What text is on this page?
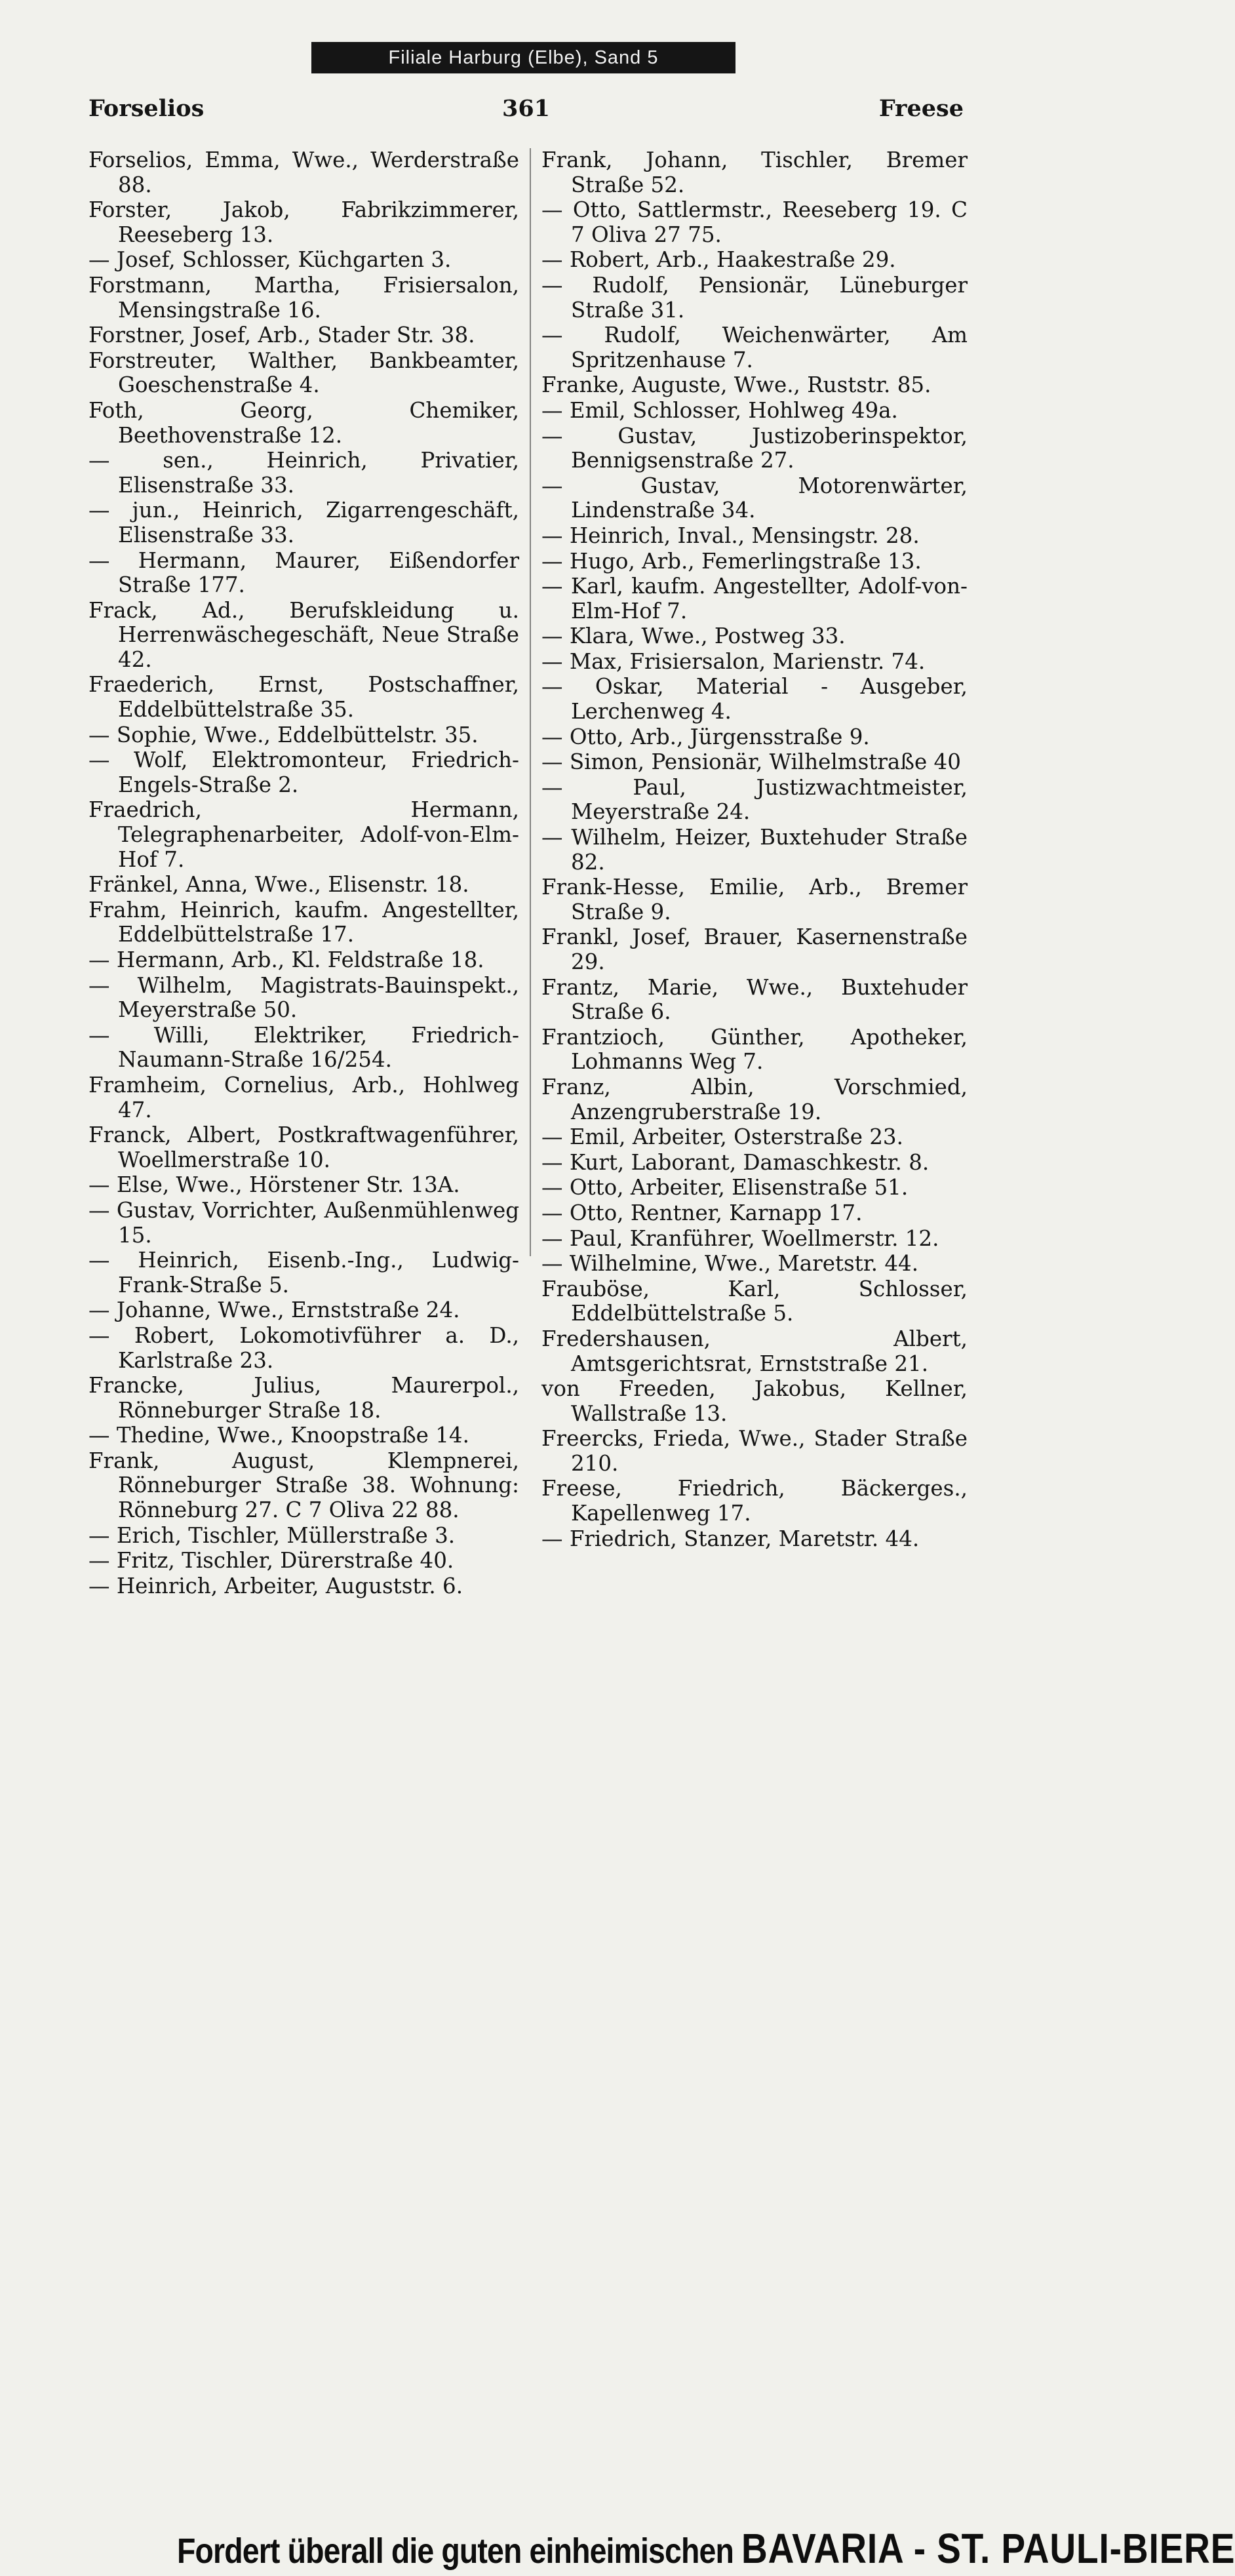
Filiale Harburg (Elbe), Sand 5
Forselios	361	Freese
Forselios, Emma, Wwe., Werderstraße 88.
Forster, Jakob, Fabrikzimmerer, Reeseberg 13.
— Josef, Schlosser, Küchgarten 3.
Forstmann, Martha, Frisiersalon, Mensingstraße 16.
Forstner, Josef, Arb., Stader Str. 38.
Forstreuter, Walther, Bankbeamter, Goeschenstraße 4.
Foth, Georg, Chemiker, Beethovenstraße 12.
— sen., Heinrich, Privatier, Elisenstraße 33.
— jun., Heinrich, Zigarrengeschäft, Elisenstraße 33.
— Hermann, Maurer, Eißendorfer Straße 177.
Frack, Ad., Berufskleidung u. Herrenwäschegeschäft, Neue Straße 42.
Fraederich, Ernst, Postschaffner, Eddelbüttelstraße 35.
— Sophie, Wwe., Eddelbüttelstr. 35.
— Wolf, Elektromonteur, Friedrich-Engels-Straße 2.
Fraedrich, Hermann, Telegraphenarbeiter, Adolf-von-Elm-Hof 7.
Fränkel, Anna, Wwe., Elisenstr. 18.
Frahm, Heinrich, kaufm. Angestellter, Eddelbüttelstraße 17.
— Hermann, Arb., Kl. Feldstraße 18.
— Wilhelm, Magistrats-Bauinspekt., Meyerstraße 50.
— Willi, Elektriker, Friedrich-Naumann-Straße 16/254.
Framheim, Cornelius, Arb., Hohlweg 47.
Franck, Albert, Postkraftwagenführer, Woellmerstraße 10.
— Else, Wwe., Hörstener Str. 13A.
— Gustav, Vorrichter, Außenmühlenweg 15.
— Heinrich, Eisenb.-Ing., Ludwig-Frank-Straße 5.
— Johanne, Wwe., Ernststraße 24.
— Robert, Lokomotivführer a. D., Karlstraße 23.
Francke, Julius, Maurerpol., Rönneburger Straße 18.
— Thedine, Wwe., Knoopstraße 14.
Frank, August, Klempnerei, Rönneburger Straße 38. Wohnung: Rönneburg 27. C 7 Oliva 22 88.
— Erich, Tischler, Müllerstraße 3.
— Fritz, Tischler, Dürerstraße 40.
— Heinrich, Arbeiter, Auguststr. 6.
Frank, Johann, Tischler, Bremer Straße 52.
— Otto, Sattlermstr., Reeseberg 19. C 7 Oliva 27 75.
— Robert, Arb., Haakestraße 29.
— Rudolf, Pensionär, Lüneburger Straße 31.
— Rudolf, Weichenwärter, Am Spritzenhause 7.
Franke, Auguste, Wwe., Ruststr. 85.
— Emil, Schlosser, Hohlweg 49a.
— Gustav, Justizoberinspektor, Bennigsenstraße 27.
— Gustav, Motorenwärter, Lindenstraße 34.
— Heinrich, Inval., Mensingstr. 28.
— Hugo, Arb., Femerlingstraße 13.
— Karl, kaufm. Angestellter, Adolf-von-Elm-Hof 7.
— Klara, Wwe., Postweg 33.
— Max, Frisiersalon, Marienstr. 74.
— Oskar, Material - Ausgeber, Lerchenweg 4.
— Otto, Arb., Jürgensstraße 9.
— Simon, Pensionär, Wilhelmstraße 40
— Paul, Justizwachtmeister, Meyerstraße 24.
— Wilhelm, Heizer, Buxtehuder Straße 82.
Frank-Hesse, Emilie, Arb., Bremer Straße 9.
Frankl, Josef, Brauer, Kasernenstraße 29.
Frantz, Marie, Wwe., Buxtehuder Straße 6.
Frantzioch, Günther, Apotheker, Lohmanns Weg 7.
Franz, Albin, Vorschmied, Anzengruberstraße 19.
— Emil, Arbeiter, Osterstraße 23.
— Kurt, Laborant, Damaschkestr. 8.
— Otto, Arbeiter, Elisenstraße 51.
— Otto, Rentner, Karnapp 17.
— Paul, Kranführer, Woellmerstr. 12.
— Wilhelmine, Wwe., Maretstr. 44.
Frauböse, Karl, Schlosser, Eddelbüttelstraße 5.
Fredershausen, Albert, Amtsgerichtsrat, Ernststraße 21.
von Freeden, Jakobus, Kellner, Wallstraße 13.
Freercks, Frieda, Wwe., Stader Straße 210.
Freese, Friedrich, Bäckerges., Kapellenweg 17.
— Friedrich, Stanzer, Maretstr. 44.
Fordert überall die guten einheimischen BAVARIA - ST. PAULI-BIERE
